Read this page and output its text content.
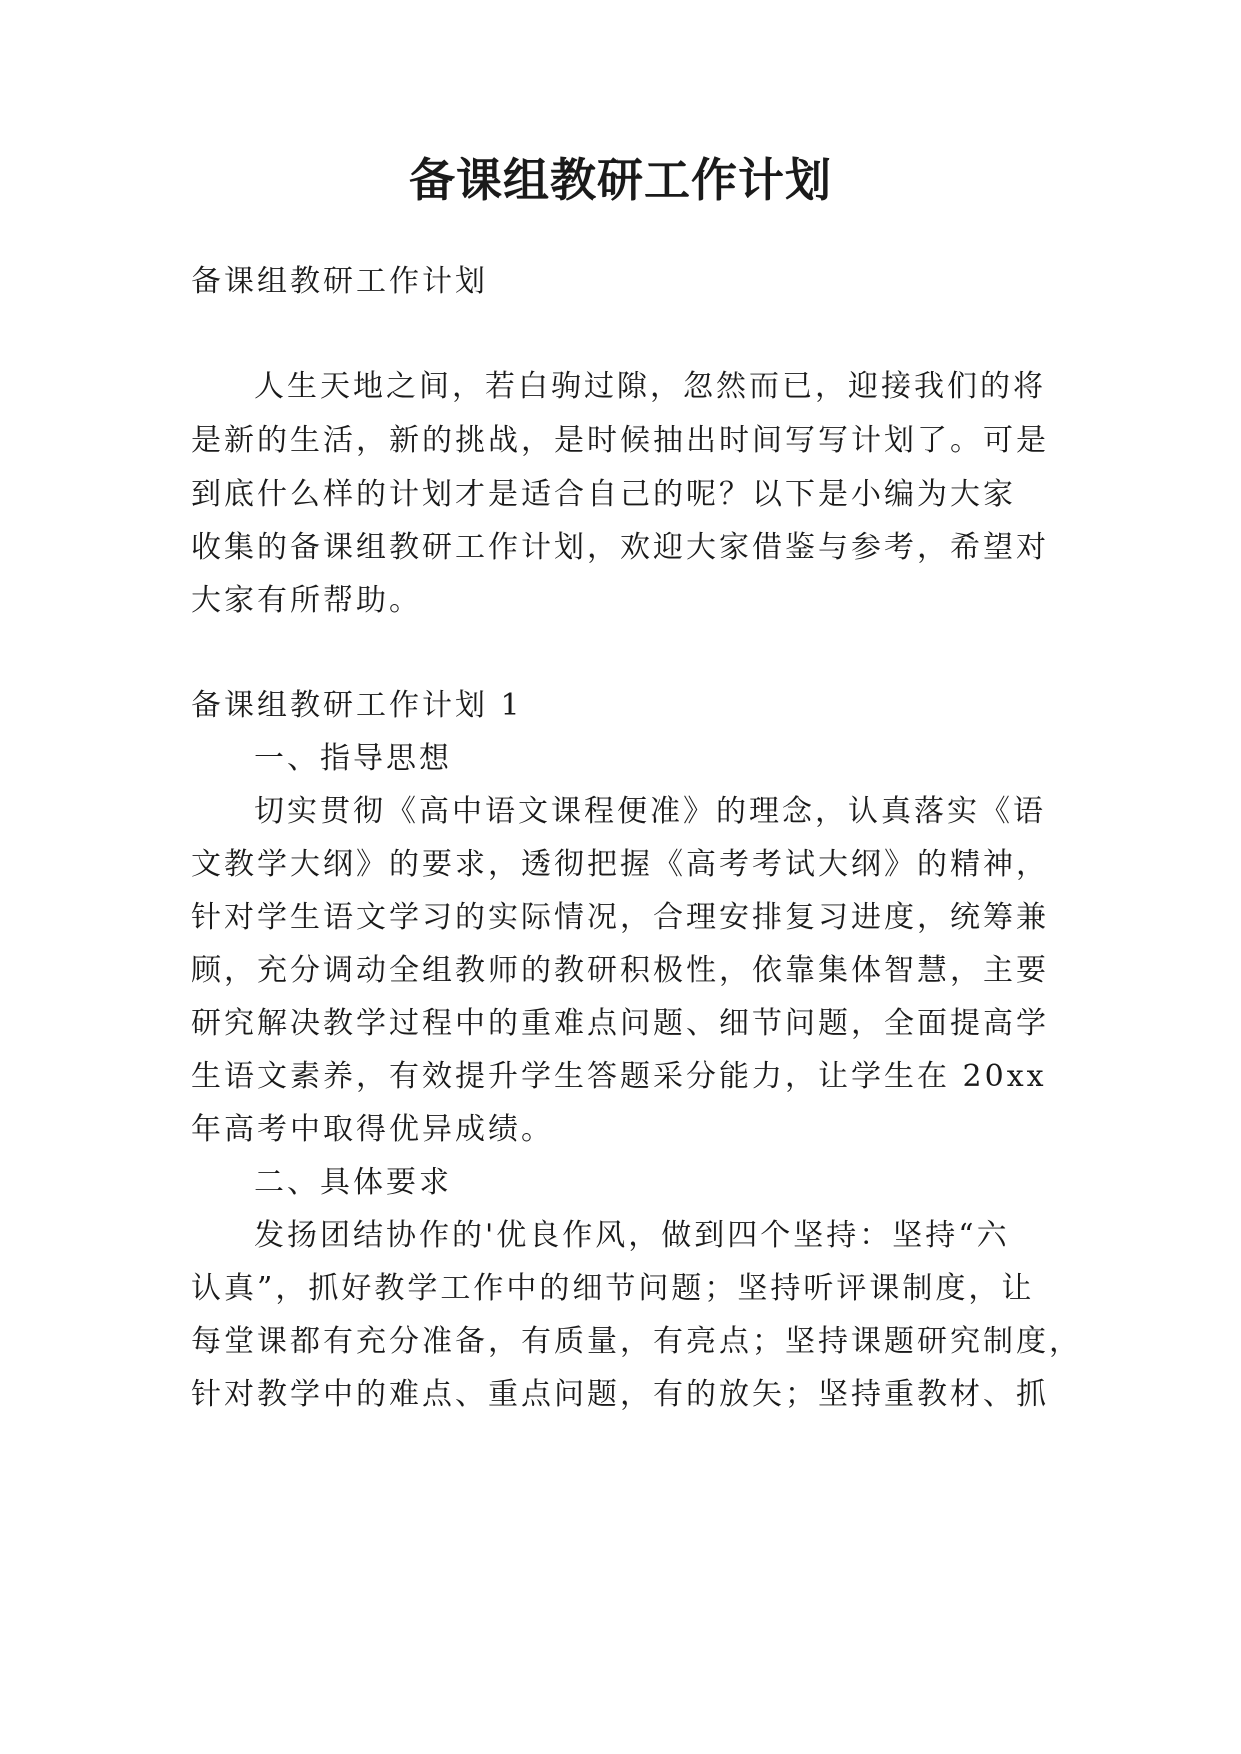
备课组教研工作计划
备课组教研工作计划
人生天地之间，若白驹过隙，忽然而已，迎接我们的将
是新的生活，新的挑战，是时候抽出时间写写计划了。可是
到底什么样的计划才是适合自己的呢？以下是小编为大家
收集的备课组教研工作计划，欢迎大家借鉴与参考，希望对
大家有所帮助。
备课组教研工作计划 1
一、指导思想
切实贯彻《高中语文课程便准》的理念，认真落实《语
文教学大纲》的要求，透彻把握《高考考试大纲》的精神，
针对学生语文学习的实际情况，合理安排复习进度，统筹兼
顾，充分调动全组教师的教研积极性，依靠集体智慧，主要
研究解决教学过程中的重难点问题、细节问题，全面提高学
生语文素养，有效提升学生答题采分能力，让学生在 20xx
年高考中取得优异成绩。
二、具体要求
发扬团结协作的'优良作风，做到四个坚持：坚持“六
认真”，抓好教学工作中的细节问题；坚持听评课制度，让
每堂课都有充分准备，有质量，有亮点；坚持课题研究制度，
针对教学中的难点、重点问题，有的放矢；坚持重教材、抓
